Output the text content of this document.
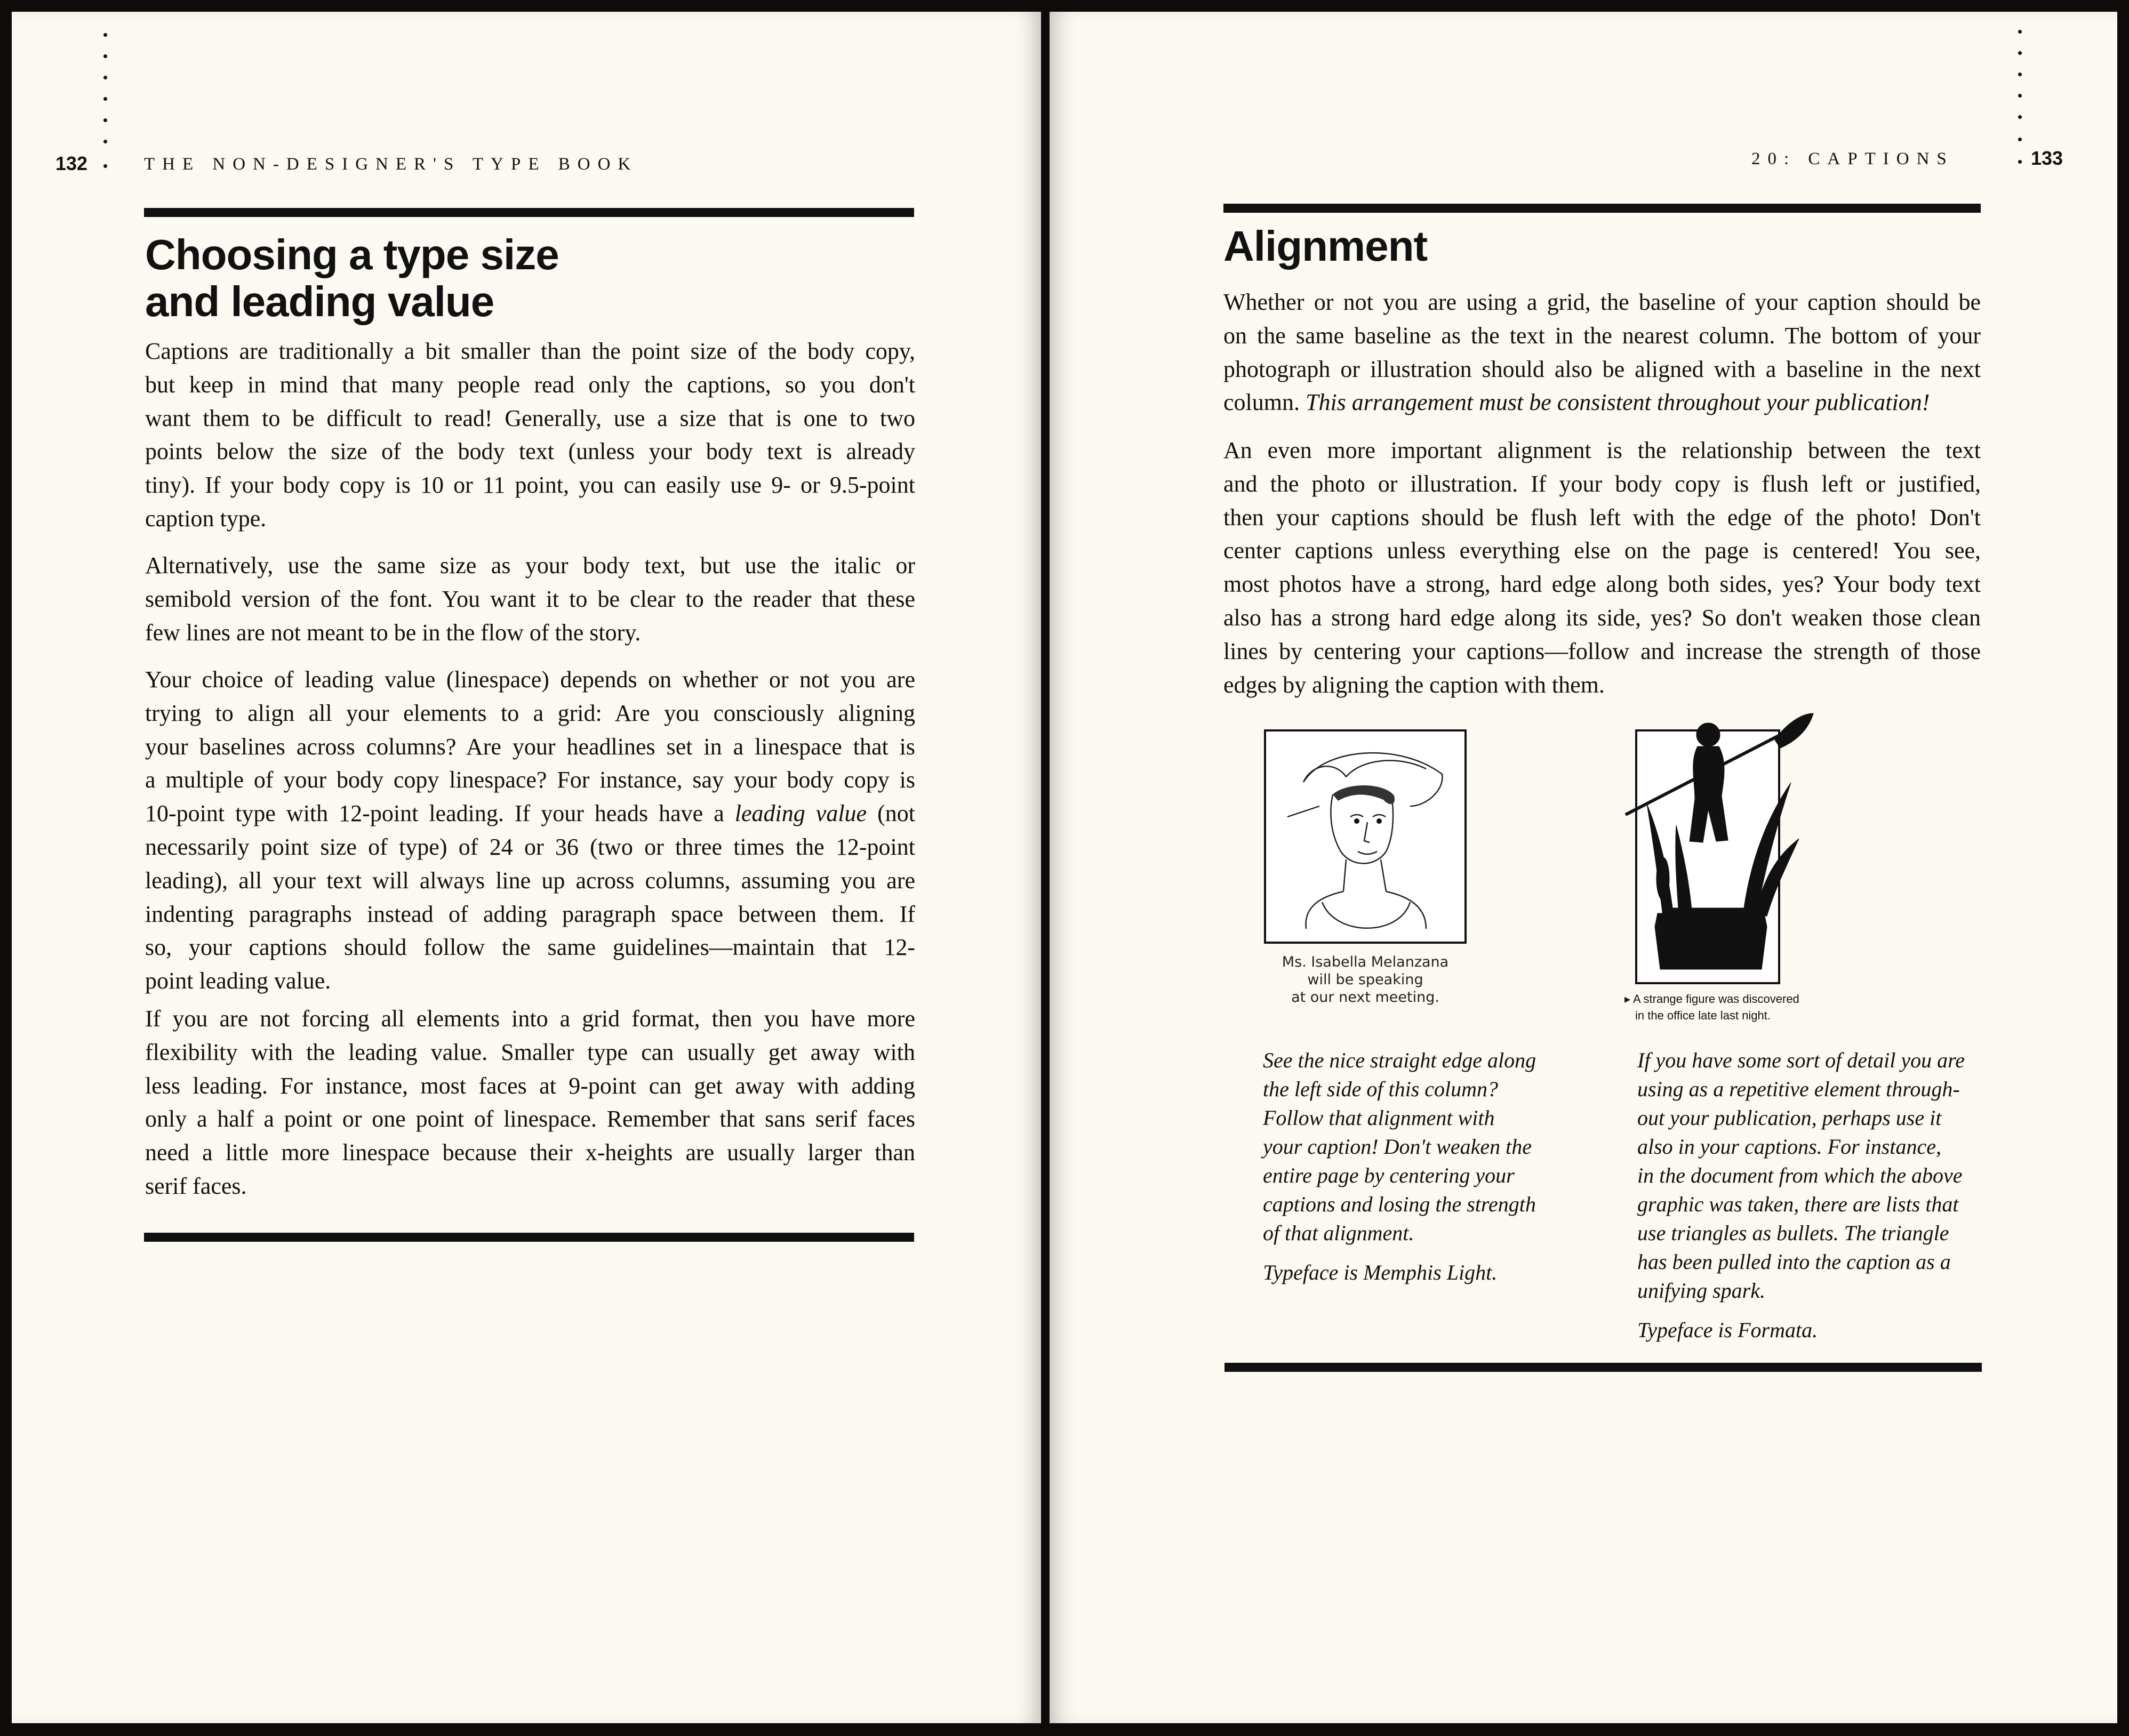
132	THE NON-DESIGNER'S TYPE BOOK
Choosing a type size
and leading value
Captions are traditionally a bit smaller than the point size of the body copy,
but keep in mind that many people read only the captions, so you don't
want them to be difficult to read! Generally, use a size that is one to two
points below the size of the body text (unless your body text is already
tiny). If your body copy is 10 or 11 point, you can easily use 9- or 9.5-point
caption type.
Alternatively, use the same size as your body text, but use the italic or
semibold version of the font. You want it to be clear to the reader that these
few lines are not meant to be in the flow of the story.
Your choice of leading value (linespace) depends on whether or not you are
trying to align all your elements to a grid: Are you consciously aligning
your baselines across columns? Are your headlines set in a linespace that is
a multiple of your body copy linespace? For instance, say your body copy is
10-point type with 12-point leading. If your heads have a leading value (not
necessarily point size of type) of 24 or 36 (two or three times the 12-point
leading), all your text will always line up across columns, assuming you are
indenting paragraphs instead of adding paragraph space between them. If
so, your captions should follow the same guidelines—maintain that 12-
point leading value.
If you are not forcing all elements into a grid format, then you have more
flexibility with the leading value. Smaller type can usually get away with
less leading. For instance, most faces at 9-point can get away with adding
only a half a point or one point of linespace. Remember that sans serif faces
need a little more linespace because their x-heights are usually larger than
serif faces.
20: CAPTIONS	133
Alignment
Whether or not you are using a grid, the baseline of your caption should be
on the same baseline as the text in the nearest column. The bottom of your
photograph or illustration should also be aligned with a baseline in the next
column. This arrangement must be consistent throughout your publication!
An even more important alignment is the relationship between the text
and the photo or illustration. If your body copy is flush left or justified,
then your captions should be flush left with the edge of the photo! Don't
center captions unless everything else on the page is centered! You see,
most photos have a strong, hard edge along both sides, yes? Your body text
also has a strong hard edge along its side, yes? So don't weaken those clean
lines by centering your captions—follow and increase the strength of those
edges by aligning the caption with them.
Ms. Isabella Melanzana
will be speaking
at our next meeting.	▸ A strange figure was discovered
in the office late last night.
See the nice straight edge along
the left side of this column?
Follow that alignment with
your caption! Don't weaken the
entire page by centering your
captions and losing the strength
of that alignment.
Typeface is Memphis Light.
If you have some sort of detail you are
using as a repetitive element through-
out your publication, perhaps use it
also in your captions. For instance,
in the document from which the above
graphic was taken, there are lists that
use triangles as bullets. The triangle
has been pulled into the caption as a
unifying spark.
Typeface is Formata.
